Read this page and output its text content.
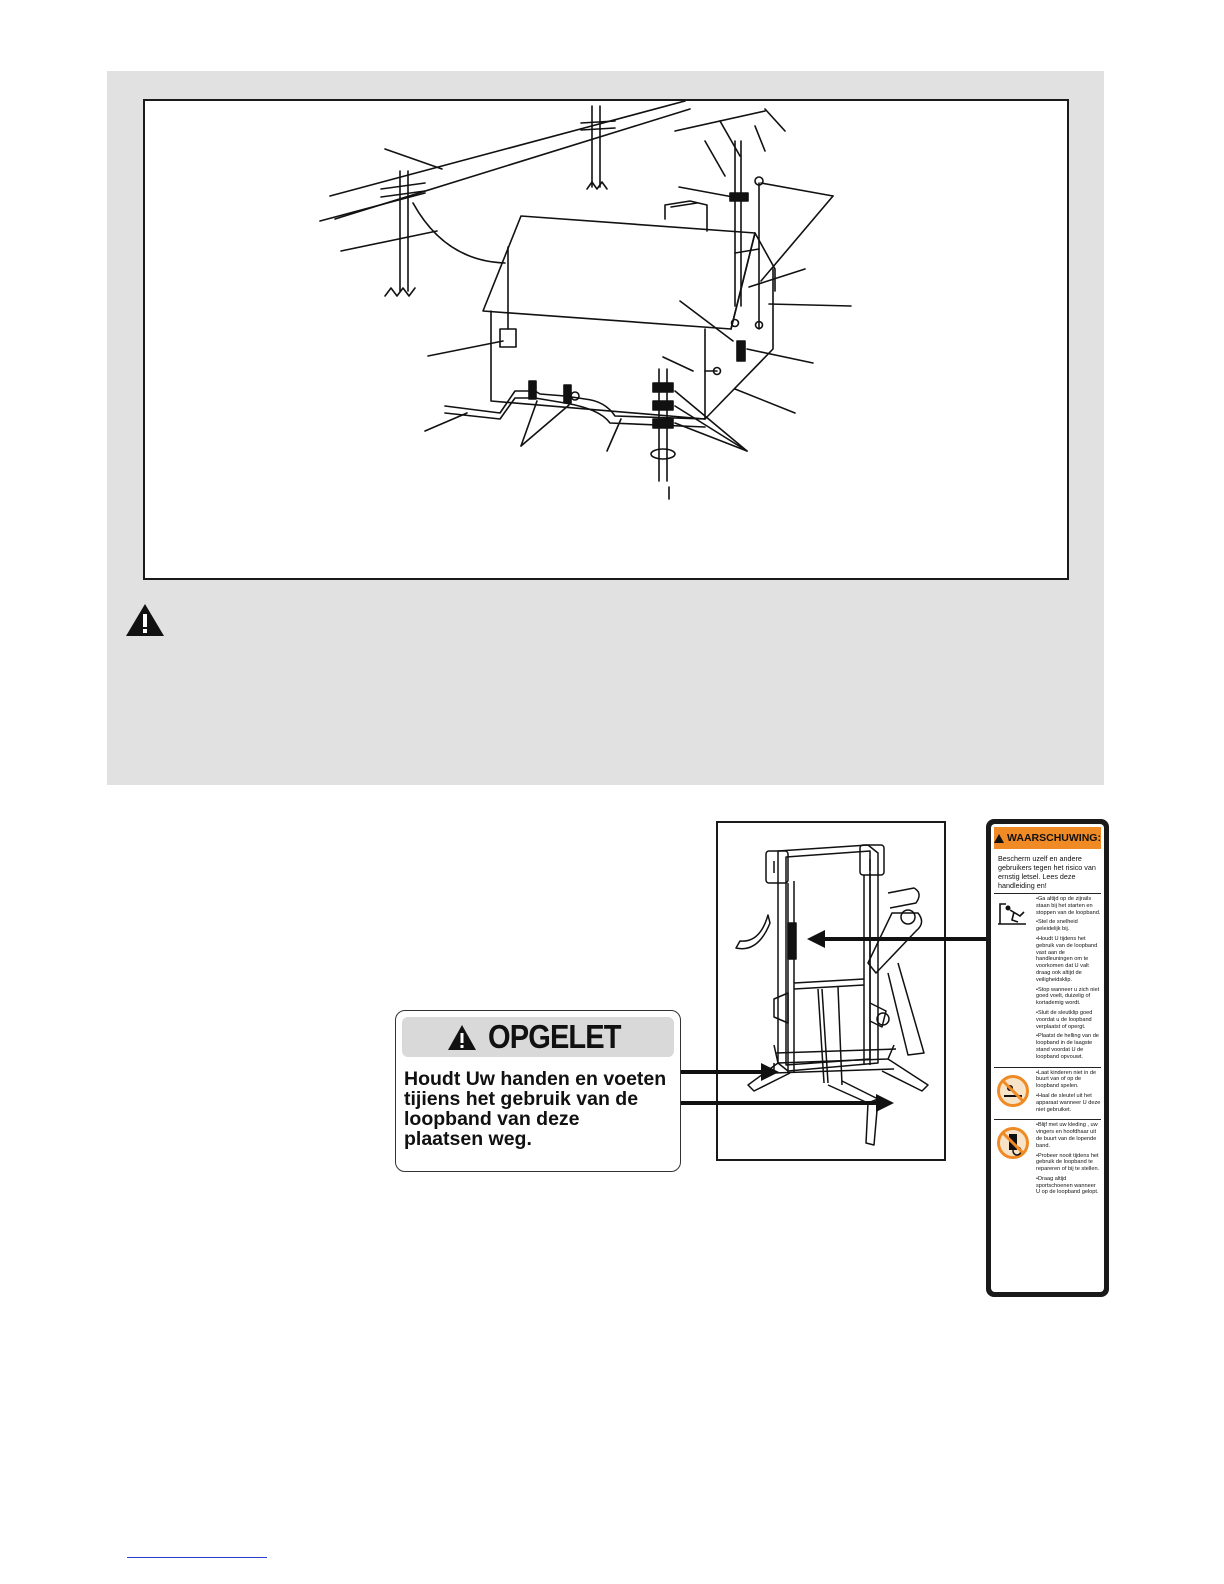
OPGELET
Houdt Uw handen en voeten
tijiens het gebruik van de
loopband van deze
plaatsen weg.
WAARSCHUWING:
Bescherm uzelf en andere gebruikers tegen het risico van ernstig letsel. Lees deze handleiding en!
•Ga altijd op de zijrails staan bij het starten en stoppen van de loopband.
•Stel de snelheid geleidelijk bij.
•Houdt U tijdens het gebruik van de loopband vast aan de handleuningen om te voorkomen dat U valt draag ook altijd de veiligheidsklip.
•Stop wanneer u zich niet goed voelt, duizelig of kortademig wordt.
•Sluit de sleutklip goed voordat u de loopband verplaatst of opergt.
•Plaatst de helling van de loopband in de laagste stand voordat U de loopband opvouwt.
•Laat kinderen niet in de buurt van of op de loopband spelen.
•Haal de sleutel uit het apparaat wanneer U deze niet gebruiket.
•Blijf met uw kleding , uw vingers en hoofdhaar uit de buurt van de lopende band.
•Probeer nooit tijdens het gebruik de loopband te repareren of bij te stellen.
•Draag altijd sportschoenen wanneer U op de loopband gelopt.
